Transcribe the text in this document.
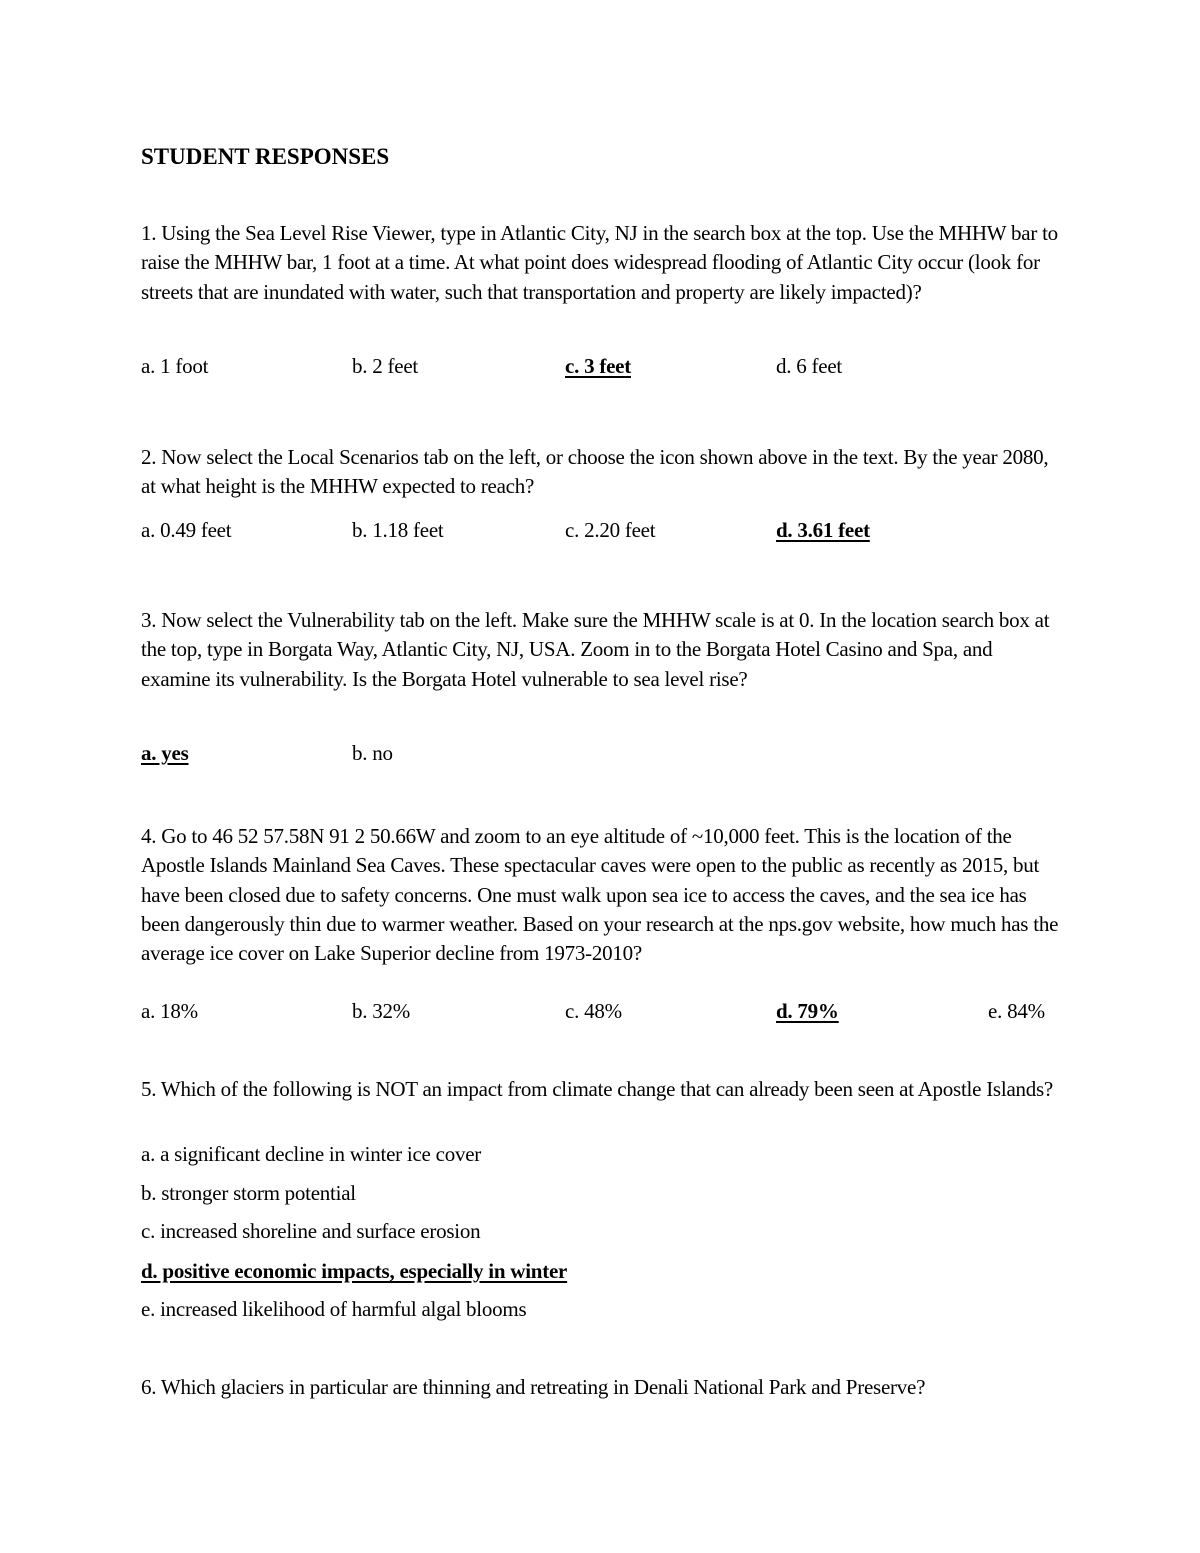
STUDENT RESPONSES
1. Using the Sea Level Rise Viewer, type in Atlantic City, NJ in the search box at the top. Use the MHHW bar to raise the MHHW bar, 1 foot at a time. At what point does widespread flooding of Atlantic City occur (look for streets that are inundated with water, such that transportation and property are likely impacted)?
a. 1 foot	b. 2 feet	c. 3 feet	d. 6 feet
2. Now select the Local Scenarios tab on the left, or choose the icon shown above in the text. By the year 2080, at what height is the MHHW expected to reach?
a. 0.49 feet	b. 1.18 feet	c. 2.20 feet	d. 3.61 feet
3. Now select the Vulnerability tab on the left. Make sure the MHHW scale is at 0. In the location search box at the top, type in Borgata Way, Atlantic City, NJ, USA. Zoom in to the Borgata Hotel Casino and Spa, and examine its vulnerability. Is the Borgata Hotel vulnerable to sea level rise?
a. yes	b. no
4. Go to 46 52 57.58N 91 2 50.66W and zoom to an eye altitude of ~10,000 feet. This is the location of the Apostle Islands Mainland Sea Caves. These spectacular caves were open to the public as recently as 2015, but have been closed due to safety concerns. One must walk upon sea ice to access the caves, and the sea ice has been dangerously thin due to warmer weather. Based on your research at the nps.gov website, how much has the average ice cover on Lake Superior decline from 1973-2010?
a. 18%	b. 32%	c. 48%	d. 79%	e. 84%
5. Which of the following is NOT an impact from climate change that can already been seen at Apostle Islands?
a. a significant decline in winter ice cover
b. stronger storm potential
c. increased shoreline and surface erosion
d. positive economic impacts, especially in winter
e. increased likelihood of harmful algal blooms
6. Which glaciers in particular are thinning and retreating in Denali National Park and Preserve?
